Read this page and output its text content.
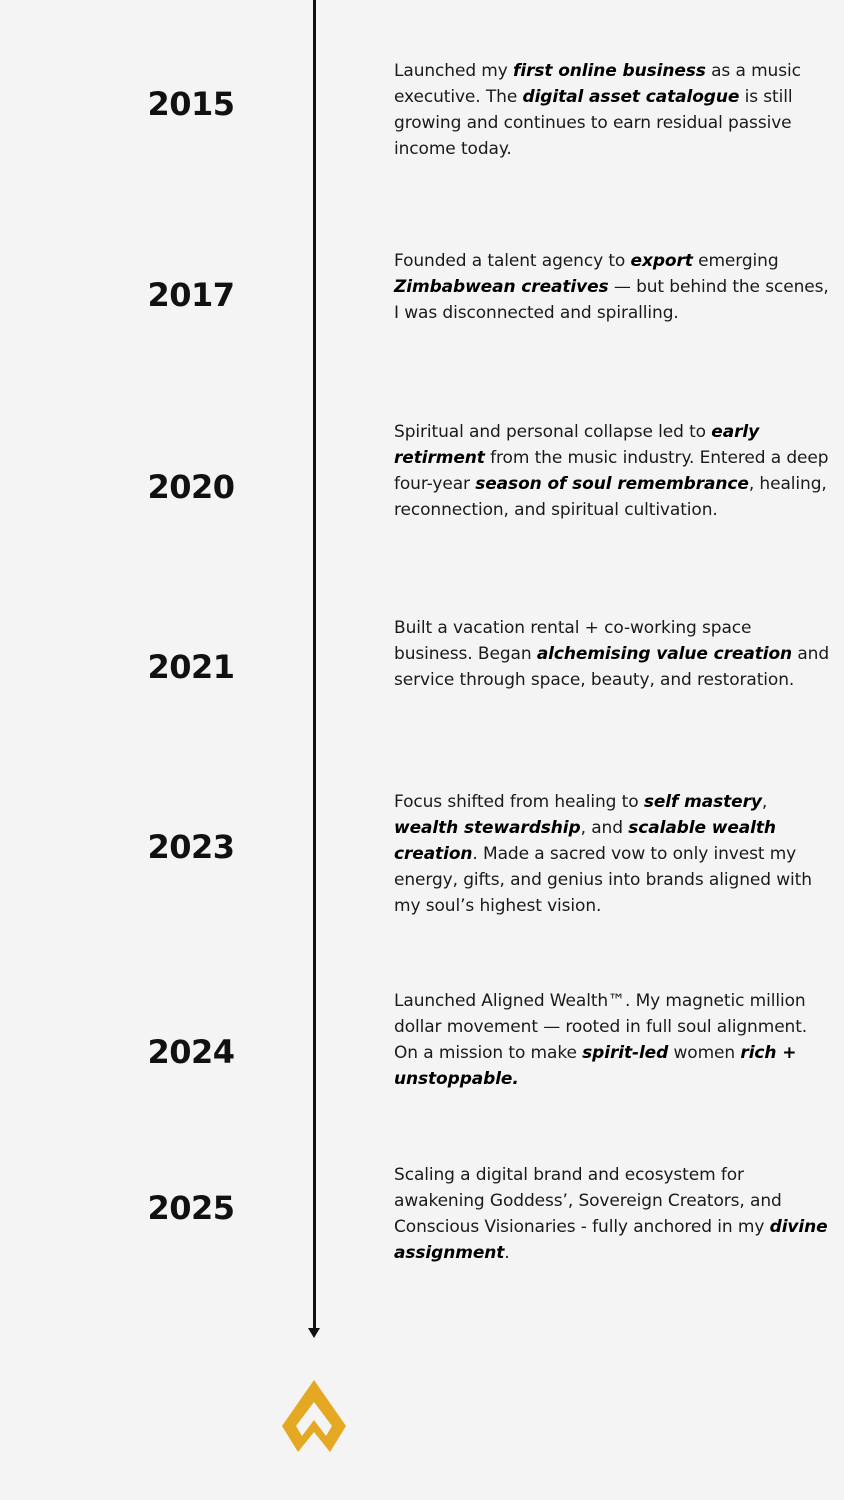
2015
Launched my first online business as a music executive. The digital asset catalogue is still growing and continues to earn residual passive income today.
2017
Founded a talent agency to export emerging Zimbabwean creatives — but behind the scenes, I was disconnected and spiralling.
2020
Spiritual and personal collapse led to early retirment from the music industry. Entered a deep four-year season of soul remembrance, healing, reconnection, and spiritual cultivation.
2021
Built a vacation rental + co-working space business. Began alchemising value creation and service through space, beauty, and restoration.
2023
Focus shifted from healing to self mastery, wealth stewardship, and scalable wealth creation. Made a sacred vow to only invest my energy, gifts, and genius into brands aligned with my soul’s highest vision.
2024
Launched Aligned Wealth™. My magnetic million dollar movement — rooted in full soul alignment. On a mission to make spirit-led women rich + unstoppable.
2025
Scaling a digital brand and ecosystem for awakening Goddess’, Sovereign Creators, and Conscious Visionaries - fully anchored in my divine assignment.
